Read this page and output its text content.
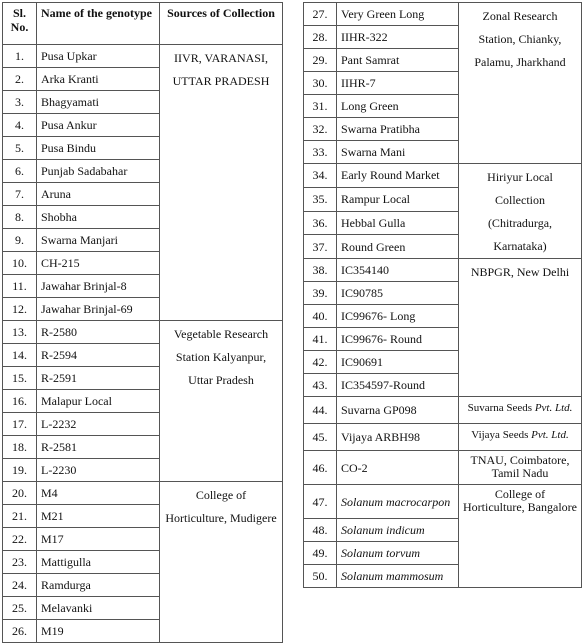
Sl. No.	Name of the genotype	Sources of Collection
1.	Pusa Upkar	IIVR, VARANASI, UTTAR PRADESH
2.	Arka Kranti	
3.	Bhagyamati	
4.	Pusa Ankur	
5.	Pusa Bindu	
6.	Punjab Sadabahar	
7.	Aruna	
8.	Shobha	
9.	Swarna Manjari	
10.	CH-215	
11.	Jawahar Brinjal-8	
12.	Jawahar Brinjal-69	
13.	R-2580	Vegetable Research Station Kalyanpur, Uttar Pradesh
14.	R-2594	
15.	R-2591	
16.	Malapur Local	
17.	L-2232	
18.	R-2581	
19.	L-2230	
20.	M4	College of Horticulture, Mudigere
21.	M21	
22.	M17	
23.	Mattigulla	
24.	Ramdurga	
25.	Melavanki	
26.	M19	
27.	Very Green Long	Zonal Research Station, Chianky, Palamu, Jharkhand
28.	IIHR-322	
29.	Pant Samrat	
30.	IIHR-7	
31.	Long Green	
32.	Swarna Pratibha	
33.	Swarna Mani	
34.	Early Round Market	Hiriyur Local Collection (Chitradurga, Karnataka)
35.	Rampur Local	
36.	Hebbal Gulla	
37.	Round Green	
38.	IC354140	NBPGR, New Delhi
39.	IC90785	
40.	IC99676- Long	
41.	IC99676- Round	
42.	IC90691	
43.	IC354597-Round	
44.	Suvarna GP098	Suvarna Seeds Pvt. Ltd.
45.	Vijaya ARBH98	Vijaya Seeds Pvt. Ltd.
46.	CO-2	TNAU, Coimbatore, Tamil Nadu
47.	Solanum macrocarpon	College of Horticulture, Bangalore
48.	Solanum indicum	
49.	Solanum torvum	
50.	Solanum mammosum	
